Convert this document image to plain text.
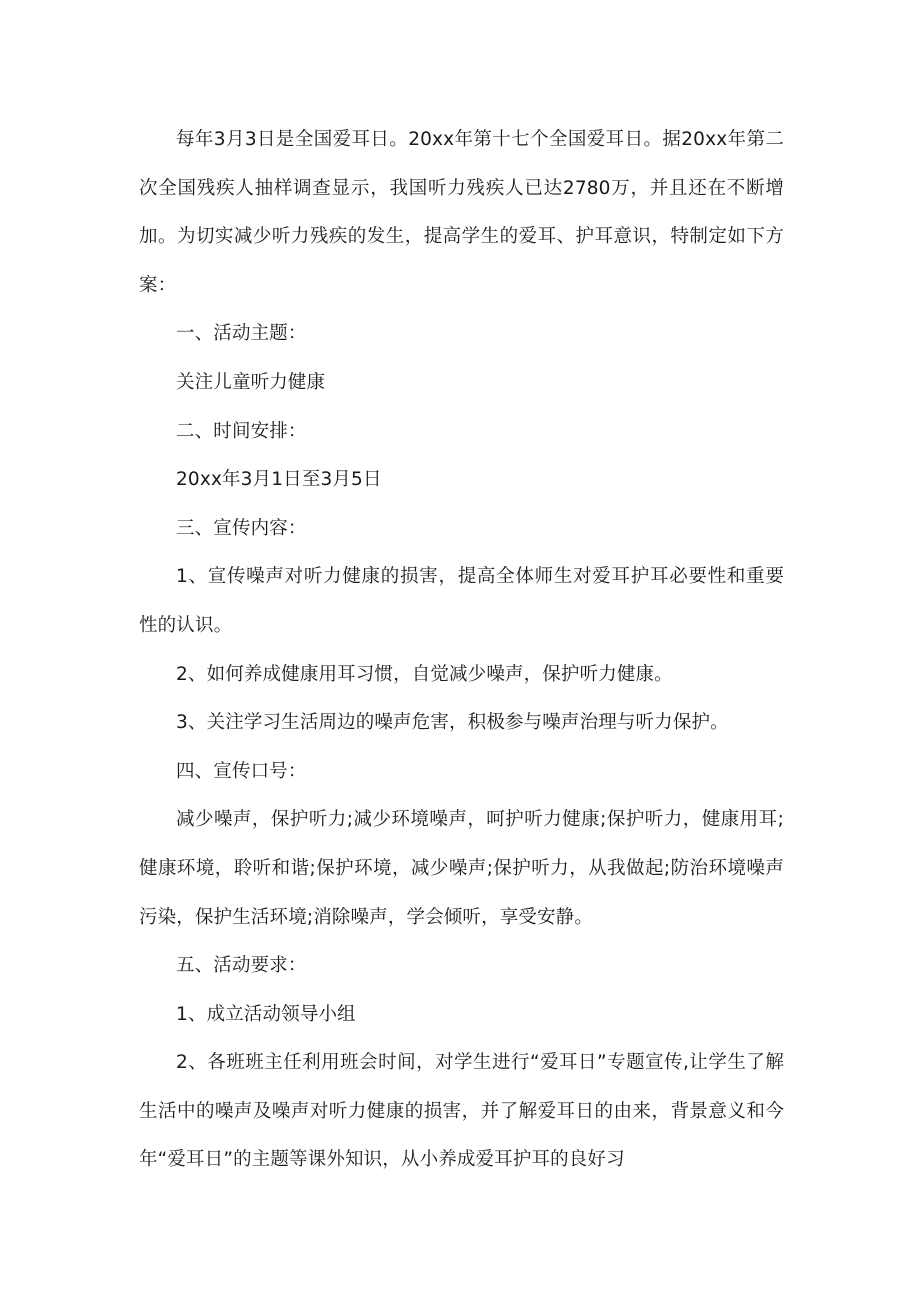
每年3月3日是全国爱耳日。20xx年第十七个全国爱耳日。据20xx年第二次全国残疾人抽样调查显示，我国听力残疾人已达2780万，并且还在不断增加。为切实减少听力残疾的发生，提高学生的爱耳、护耳意识，特制定如下方案：

一、活动主题：

关注儿童听力健康

二、时间安排：

20xx年3月1日至3月5日

三、宣传内容：

1、宣传噪声对听力健康的损害，提高全体师生对爱耳护耳必要性和重要性的认识。

2、如何养成健康用耳习惯，自觉减少噪声，保护听力健康。

3、关注学习生活周边的噪声危害，积极参与噪声治理与听力保护。

四、宣传口号：

减少噪声，保护听力;减少环境噪声，呵护听力健康;保护听力，健康用耳;健康环境，聆听和谐;保护环境，减少噪声;保护听力，从我做起;防治环境噪声污染，保护生活环境;消除噪声，学会倾听，享受安静。

五、活动要求：

1、成立活动领导小组

2、各班班主任利用班会时间，对学生进行“爱耳日”专题宣传,让学生了解生活中的噪声及噪声对听力健康的损害，并了解爱耳日的由来，背景意义和今年“爱耳日”的主题等课外知识，从小养成爱耳护耳的良好习
